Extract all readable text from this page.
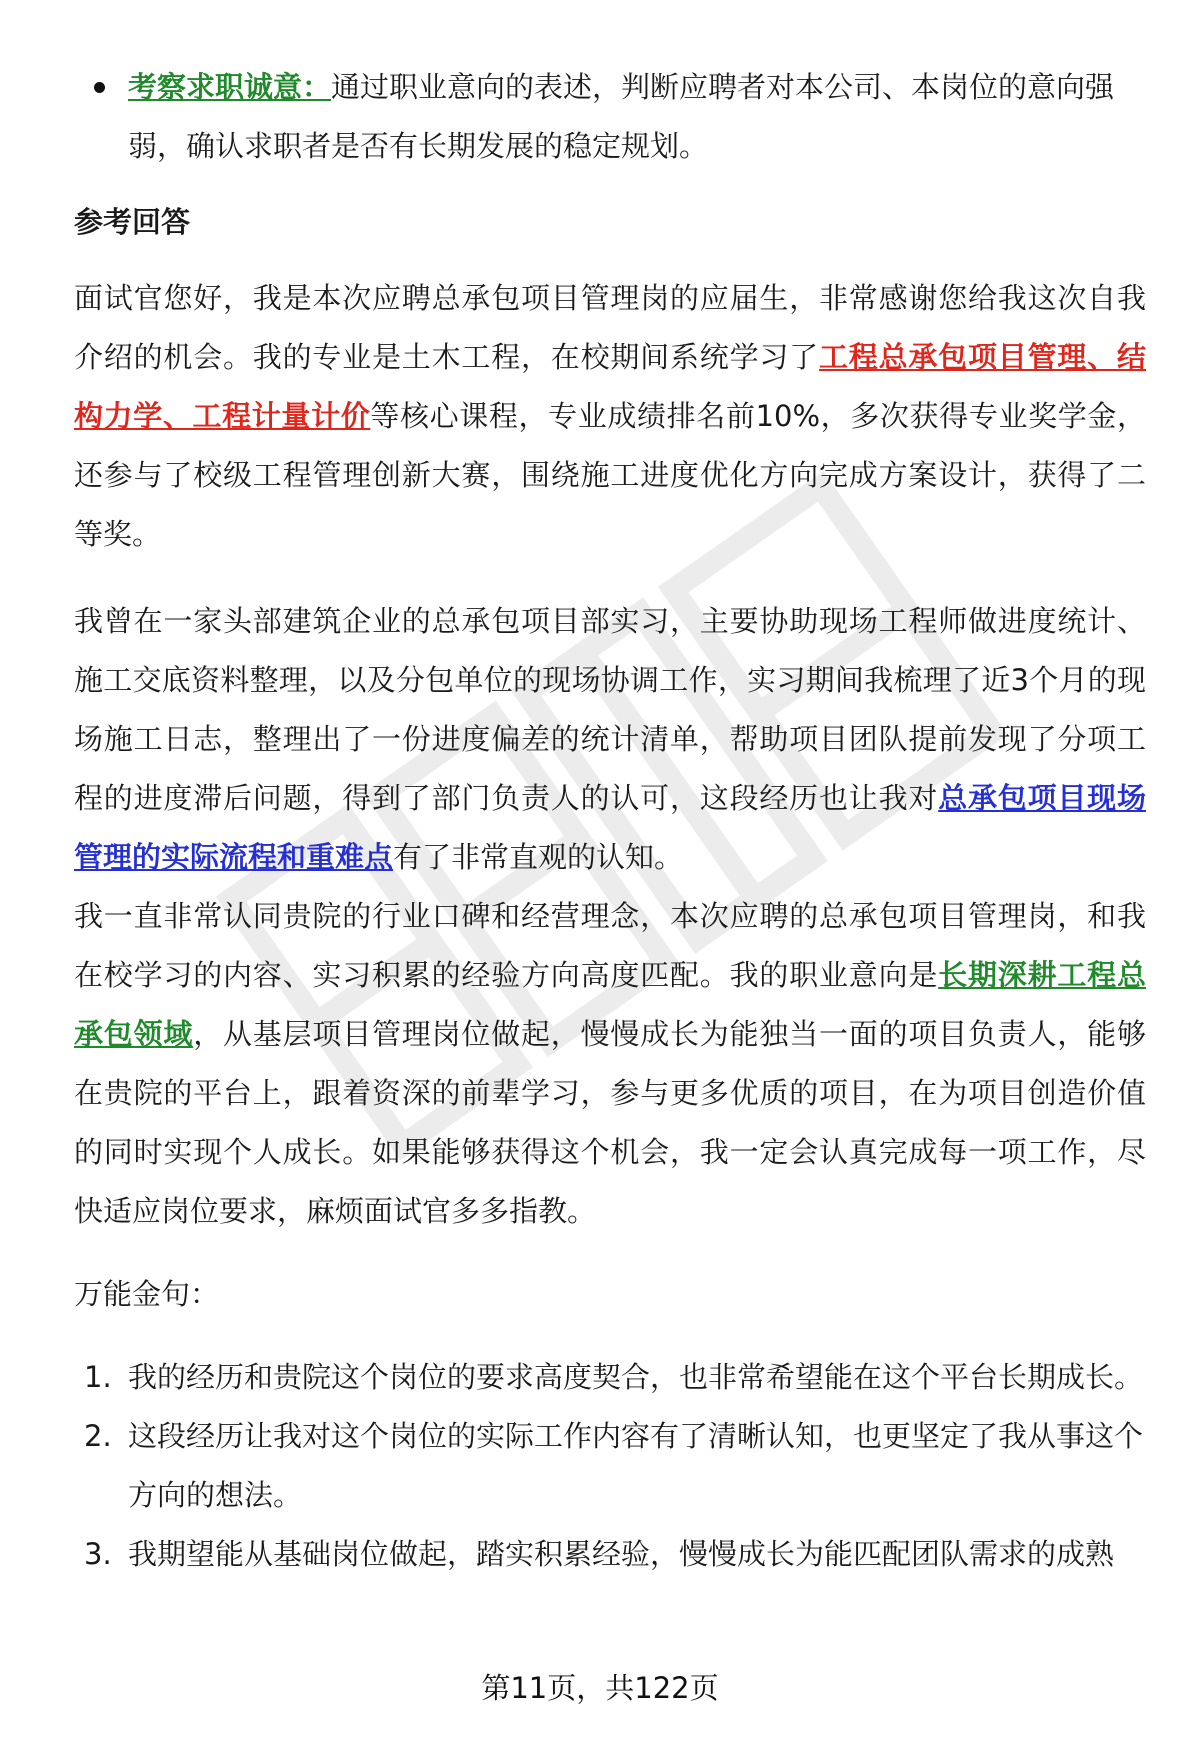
考察求职诚意：通过职业意向的表述，判断应聘者对本公司、本岗位的意向强弱，确认求职者是否有长期发展的稳定规划。

参考回答

面试官您好，我是本次应聘总承包项目管理岗的应届生，非常感谢您给我这次自我介绍的机会。我的专业是土木工程，在校期间系统学习了工程总承包项目管理、结构力学、工程计量计价等核心课程，专业成绩排名前10%，多次获得专业奖学金，还参与了校级工程管理创新大赛，围绕施工进度优化方向完成方案设计，获得了二等奖。

我曾在一家头部建筑企业的总承包项目部实习，主要协助现场工程师做进度统计、施工交底资料整理，以及分包单位的现场协调工作，实习期间我梳理了近3个月的现场施工日志，整理出了一份进度偏差的统计清单，帮助项目团队提前发现了分项工程的进度滞后问题，得到了部门负责人的认可，这段经历也让我对总承包项目现场管理的实际流程和重难点有了非常直观的认知。

我一直非常认同贵院的行业口碑和经营理念，本次应聘的总承包项目管理岗，和我在校学习的内容、实习积累的经验方向高度匹配。我的职业意向是长期深耕工程总承包领域，从基层项目管理岗位做起，慢慢成长为能独当一面的项目负责人，能够在贵院的平台上，跟着资深的前辈学习，参与更多优质的项目，在为项目创造价值的同时实现个人成长。如果能够获得这个机会，我一定会认真完成每一项工作，尽快适应岗位要求，麻烦面试官多多指教。

万能金句：

1. 我的经历和贵院这个岗位的要求高度契合，也非常希望能在这个平台长期成长。

2. 这段经历让我对这个岗位的实际工作内容有了清晰认知，也更坚定了我从事这个方向的想法。

3. 我期望能从基础岗位做起，踏实积累经验，慢慢成长为能匹配团队需求的成熟

第11页，共122页
